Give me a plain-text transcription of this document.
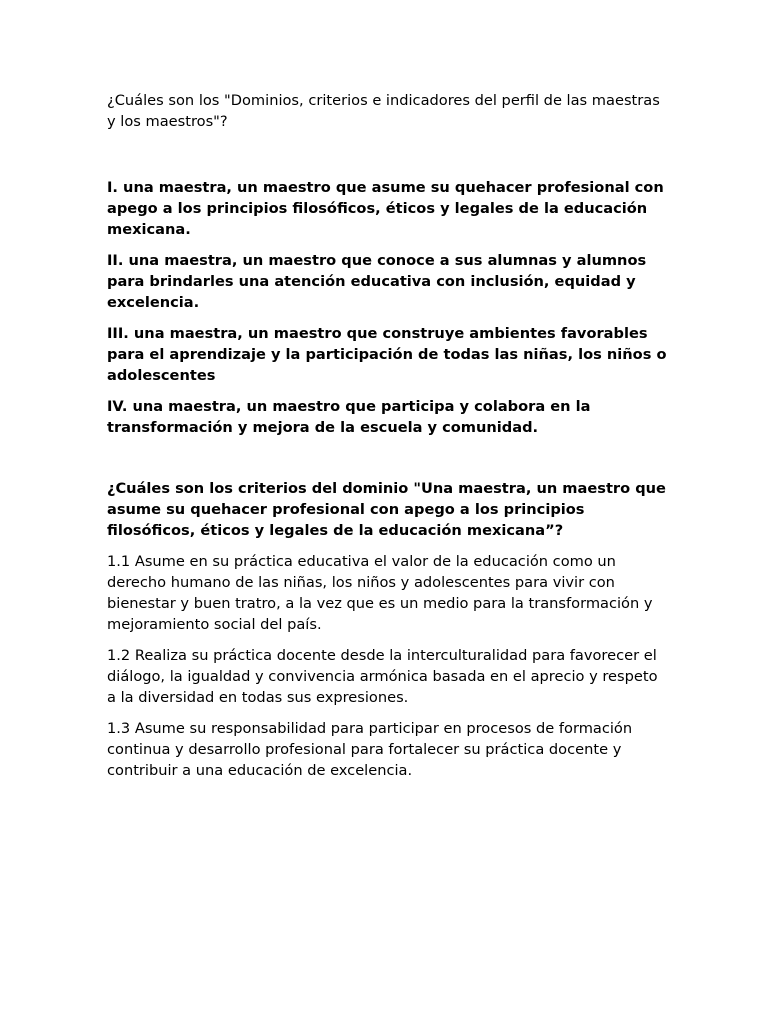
¿Cuáles son los "Dominios, criterios e indicadores del perfil de las maestras y los maestros"?

I. una maestra, un maestro que asume su quehacer profesional con apego a los principios filosóficos, éticos y legales de la educación mexicana.

II. una maestra, un maestro que conoce a sus alumnas y alumnos para brindarles una atención educativa con inclusión, equidad y excelencia.

III. una maestra, un maestro que construye ambientes favorables para el aprendizaje y la participación de todas las niñas, los niños o adolescentes

IV. una maestra, un maestro que participa y colabora en la transformación y mejora de la escuela y comunidad.

¿Cuáles son los criterios del dominio "Una maestra, un maestro que asume su quehacer profesional con apego a los principios filosóficos, éticos y legales de la educación mexicana”?

1.1 Asume en su práctica educativa el valor de la educación como un derecho humano de las niñas, los niños y adolescentes para vivir con bienestar y buen tratro, a la vez que es un medio para la transformación y mejoramiento social del país.

1.2 Realiza su práctica docente desde la interculturalidad para favorecer el diálogo, la igualdad y convivencia armónica basada en el aprecio y respeto a la diversidad en todas sus expresiones.

1.3 Asume su responsabilidad para participar en procesos de formación continua y desarrollo profesional para fortalecer su práctica docente y contribuir a una educación de excelencia.
